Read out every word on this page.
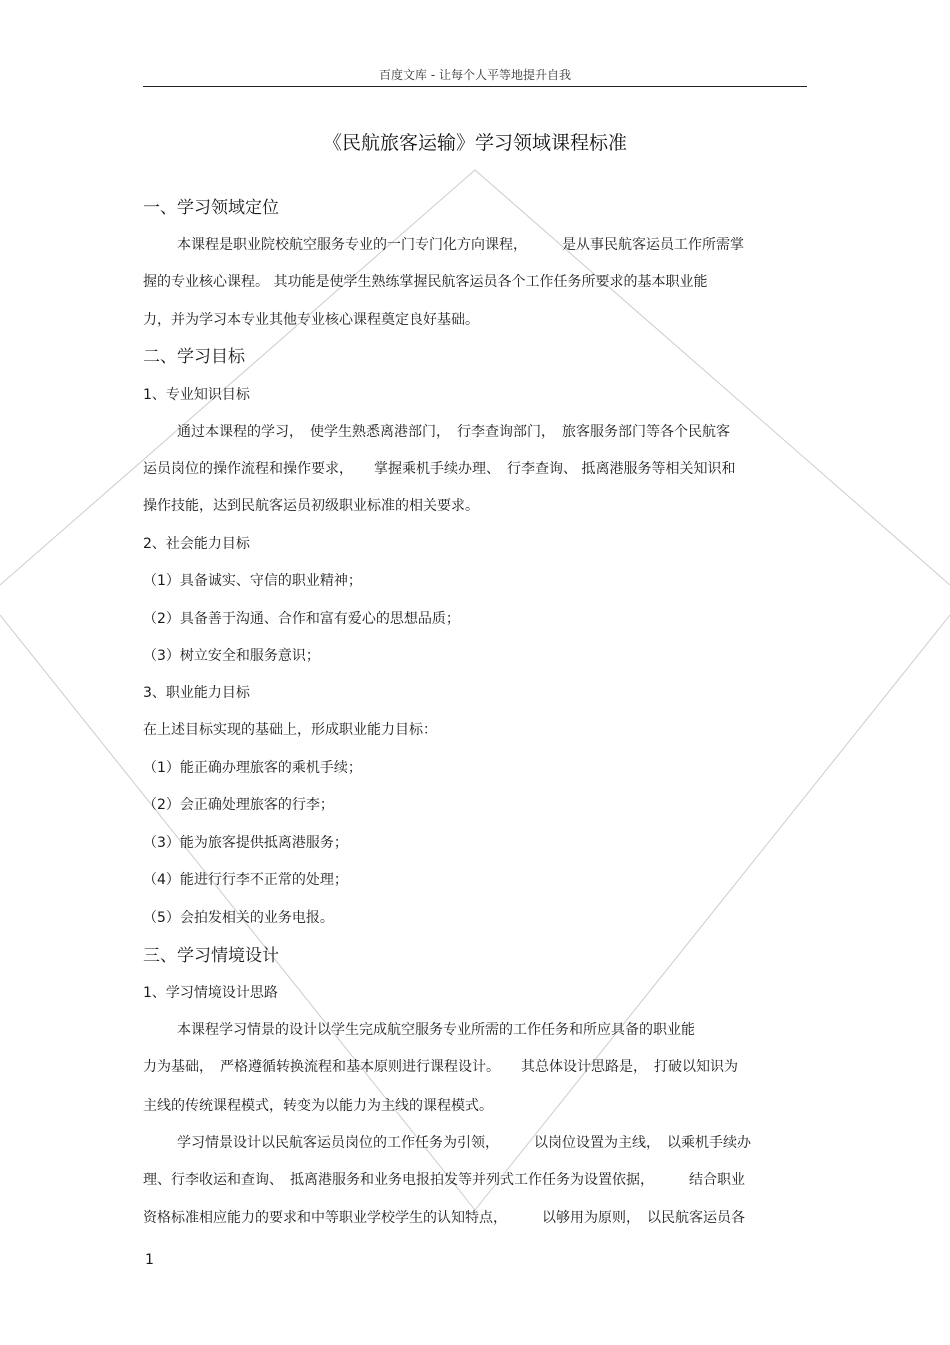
百度文库 - 让每个人平等地提升自我
《民航旅客运输》学习领域课程标准
一、学习领域定位
本课程是职业院校航空服务专业的一门专门化方向课程，　　　是从事民航客运员工作所需掌
握的专业核心课程。 其功能是使学生熟练掌握民航客运员各个工作任务所要求的基本职业能
力，并为学习本专业其他专业核心课程奠定良好基础。
二、学习目标
1、专业知识目标
通过本课程的学习，　使学生熟悉离港部门，　行李查询部门，　旅客服务部门等各个民航客
运员岗位的操作流程和操作要求，　　掌握乘机手续办理、　行李查询、 抵离港服务等相关知识和
操作技能，达到民航客运员初级职业标准的相关要求。
2、社会能力目标
（1）具备诚实、守信的职业精神；
（2）具备善于沟通、合作和富有爱心的思想品质；
（3）树立安全和服务意识；
3、职业能力目标
在上述目标实现的基础上，形成职业能力目标：
（1）能正确办理旅客的乘机手续；
（2）会正确处理旅客的行李；
（3）能为旅客提供抵离港服务；
（4）能进行行李不正常的处理；
（5）会拍发相关的业务电报。
三、学习情境设计
1、学习情境设计思路
本课程学习情景的设计以学生完成航空服务专业所需的工作任务和所应具备的职业能
力为基础，　严格遵循转换流程和基本原则进行课程设计。　　其总体设计思路是，　打破以知识为
主线的传统课程模式，转变为以能力为主线的课程模式。
学习情景设计以民航客运员岗位的工作任务为引领，　　　以岗位设置为主线，　以乘机手续办
理、行李收运和查询、　抵离港服务和业务电报拍发等并列式工作任务为设置依据，　　　结合职业
资格标准相应能力的要求和中等职业学校学生的认知特点，　　　以够用为原则，　以民航客运员各
1
